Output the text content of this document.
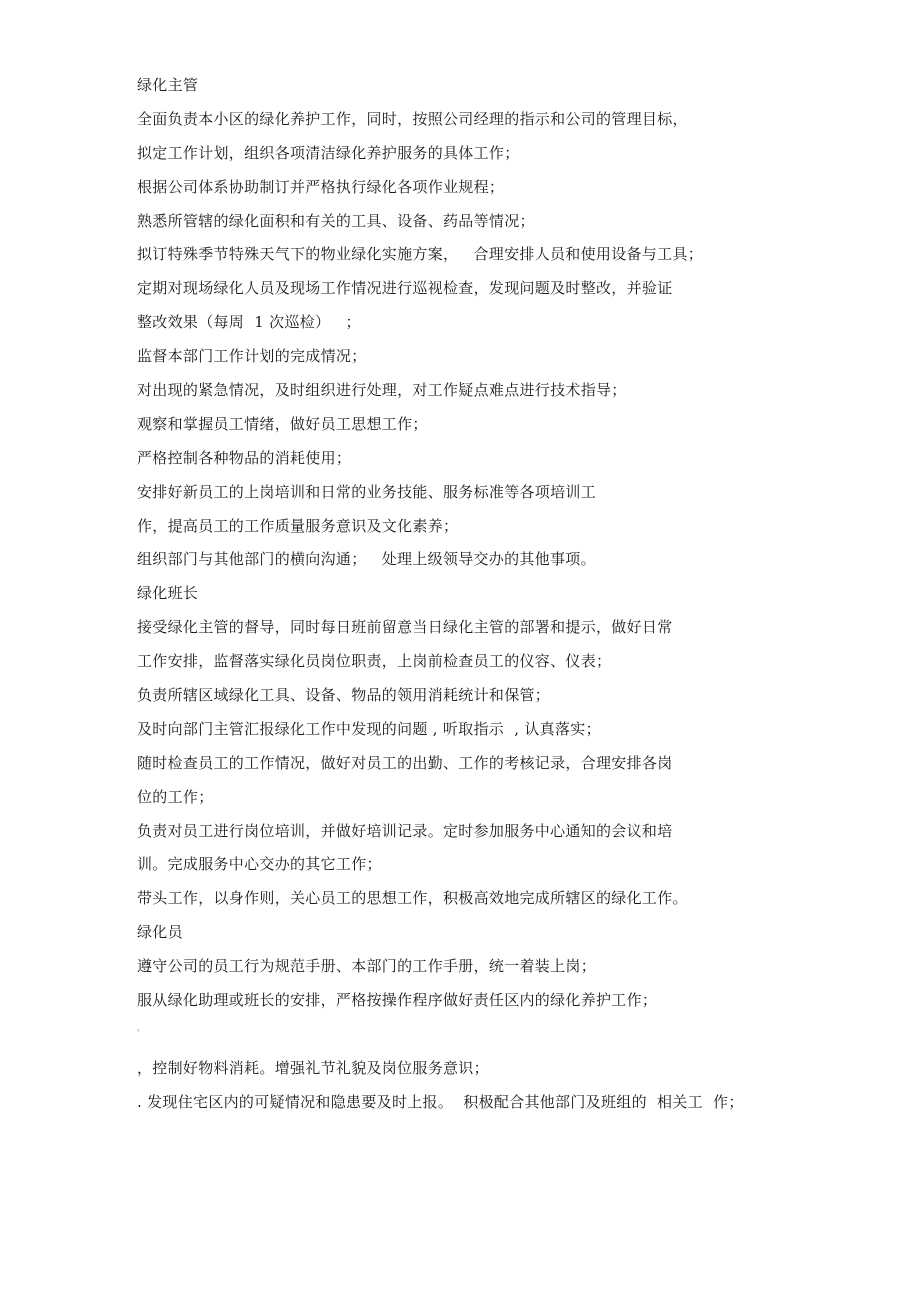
绿化主管
全面负责本小区的绿化养护工作，同时，按照公司经理的指示和公司的管理目标，
拟定工作计划，组织各项清洁绿化养护服务的具体工作；
根据公司体系协助制订并严格执行绿化各项作业规程；
熟悉所管辖的绿化面积和有关的工具、设备、药品等情况；
拟订特殊季节特殊天气下的物业绿化实施方案，   合理安排人员和使用设备与工具；
定期对现场绿化人员及现场工作情况进行巡视检查，发现问题及时整改，并验证
整改效果（每周  1 次巡检）   ；
监督本部门工作计划的完成情况；
对出现的紧急情况，及时组织进行处理，对工作疑点难点进行技术指导；
观察和掌握员工情绪，做好员工思想工作；
严格控制各种物品的消耗使用；
安排好新员工的上岗培训和日常的业务技能、服务标准等各项培训工
作，提高员工的工作质量服务意识及文化素养；
组织部门与其他部门的横向沟通；   处理上级领导交办的其他事项。
绿化班长
接受绿化主管的督导，同时每日班前留意当日绿化主管的部署和提示，做好日常
工作安排，监督落实绿化员岗位职责，上岗前检查员工的仪容、仪表；
负责所辖区域绿化工具、设备、物品的领用消耗统计和保管；
及时向部门主管汇报绿化工作中发现的问题 , 听取指示  , 认真落实；
随时检查员工的工作情况，做好对员工的出勤、工作的考核记录，合理安排各岗
位的工作；
负责对员工进行岗位培训，并做好培训记录。定时参加服务中心通知的会议和培
训。完成服务中心交办的其它工作；
带头工作，以身作则，关心员工的思想工作，积极高效地完成所辖区的绿化工作。
绿化员
遵守公司的员工行为规范手册、本部门的工作手册，统一着装上岗；
服从绿化助理或班长的安排，严格按操作程序做好责任区内的绿化养护工作；
'
，控制好物料消耗。增强礼节礼貌及岗位服务意识；
. 发现住宅区内的可疑情况和隐患要及时上报。  积极配合其他部门及班组的  相关工  作；
